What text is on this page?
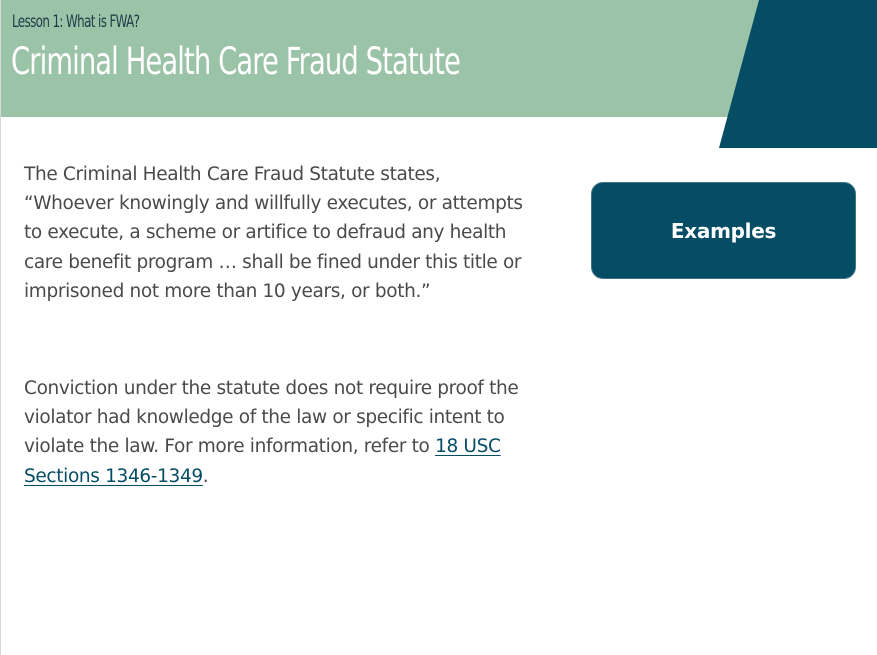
Lesson 1: What is FWA?
Criminal Health Care Fraud Statute

The Criminal Health Care Fraud Statute states, “Whoever knowingly and willfully executes, or attempts to execute, a scheme or artifice to defraud any health care benefit program … shall be fined under this title or imprisoned not more than 10 years, or both.”

Conviction under the statute does not require proof the violator had knowledge of the law or specific intent to violate the law. For more information, refer to 18 USC Sections 1346-1349.

Examples
